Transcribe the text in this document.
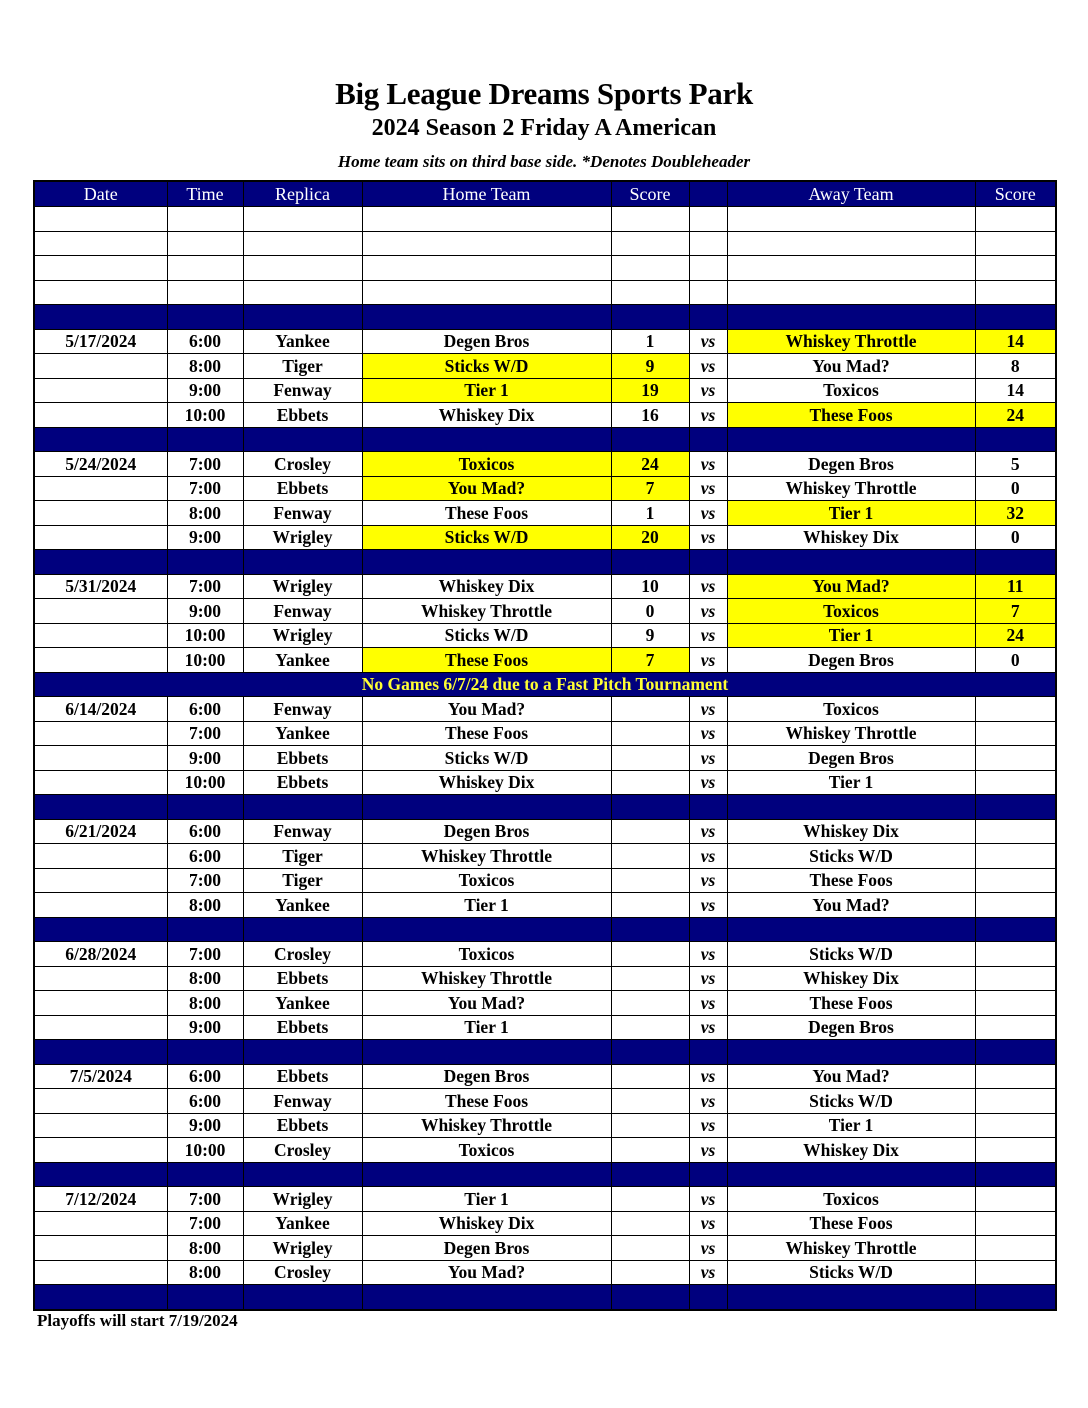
Big League Dreams Sports Park
2024 Season 2 Friday A American
Home team sits on third base side. *Denotes Doubleheader
Date	Time	Replica	Home Team	Score		Away Team	Score

5/17/2024	6:00	Yankee	Degen Bros	1	vs	Whiskey Throttle	14
	8:00	Tiger	Sticks W/D	9	vs	You Mad?	8
	9:00	Fenway	Tier 1	19	vs	Toxicos	14
	10:00	Ebbets	Whiskey Dix	16	vs	These Foos	24

5/24/2024	7:00	Crosley	Toxicos	24	vs	Degen Bros	5
	7:00	Ebbets	You Mad?	7	vs	Whiskey Throttle	0
	8:00	Fenway	These Foos	1	vs	Tier 1	32
	9:00	Wrigley	Sticks W/D	20	vs	Whiskey Dix	0

5/31/2024	7:00	Wrigley	Whiskey Dix	10	vs	You Mad?	11
	9:00	Fenway	Whiskey Throttle	0	vs	Toxicos	7
	10:00	Wrigley	Sticks W/D	9	vs	Tier 1	24
	10:00	Yankee	These Foos	7	vs	Degen Bros	0
No Games 6/7/24 due to a Fast Pitch Tournament							
6/14/2024	6:00	Fenway	You Mad?		vs	Toxicos	
	7:00	Yankee	These Foos		vs	Whiskey Throttle	
	9:00	Ebbets	Sticks W/D		vs	Degen Bros	
	10:00	Ebbets	Whiskey Dix		vs	Tier 1	

6/21/2024	6:00	Fenway	Degen Bros		vs	Whiskey Dix	
	6:00	Tiger	Whiskey Throttle		vs	Sticks W/D	
	7:00	Tiger	Toxicos		vs	These Foos	
	8:00	Yankee	Tier 1		vs	You Mad?	

6/28/2024	7:00	Crosley	Toxicos		vs	Sticks W/D	
	8:00	Ebbets	Whiskey Throttle		vs	Whiskey Dix	
	8:00	Yankee	You Mad?		vs	These Foos	
	9:00	Ebbets	Tier 1		vs	Degen Bros	

7/5/2024	6:00	Ebbets	Degen Bros		vs	You Mad?	
	6:00	Fenway	These Foos		vs	Sticks W/D	
	9:00	Ebbets	Whiskey Throttle		vs	Tier 1	
	10:00	Crosley	Toxicos		vs	Whiskey Dix	

7/12/2024	7:00	Wrigley	Tier 1		vs	Toxicos	
	7:00	Yankee	Whiskey Dix		vs	These Foos	
	8:00	Wrigley	Degen Bros		vs	Whiskey Throttle	
	8:00	Crosley	You Mad?		vs	Sticks W/D	

Playoffs will start 7/19/2024
